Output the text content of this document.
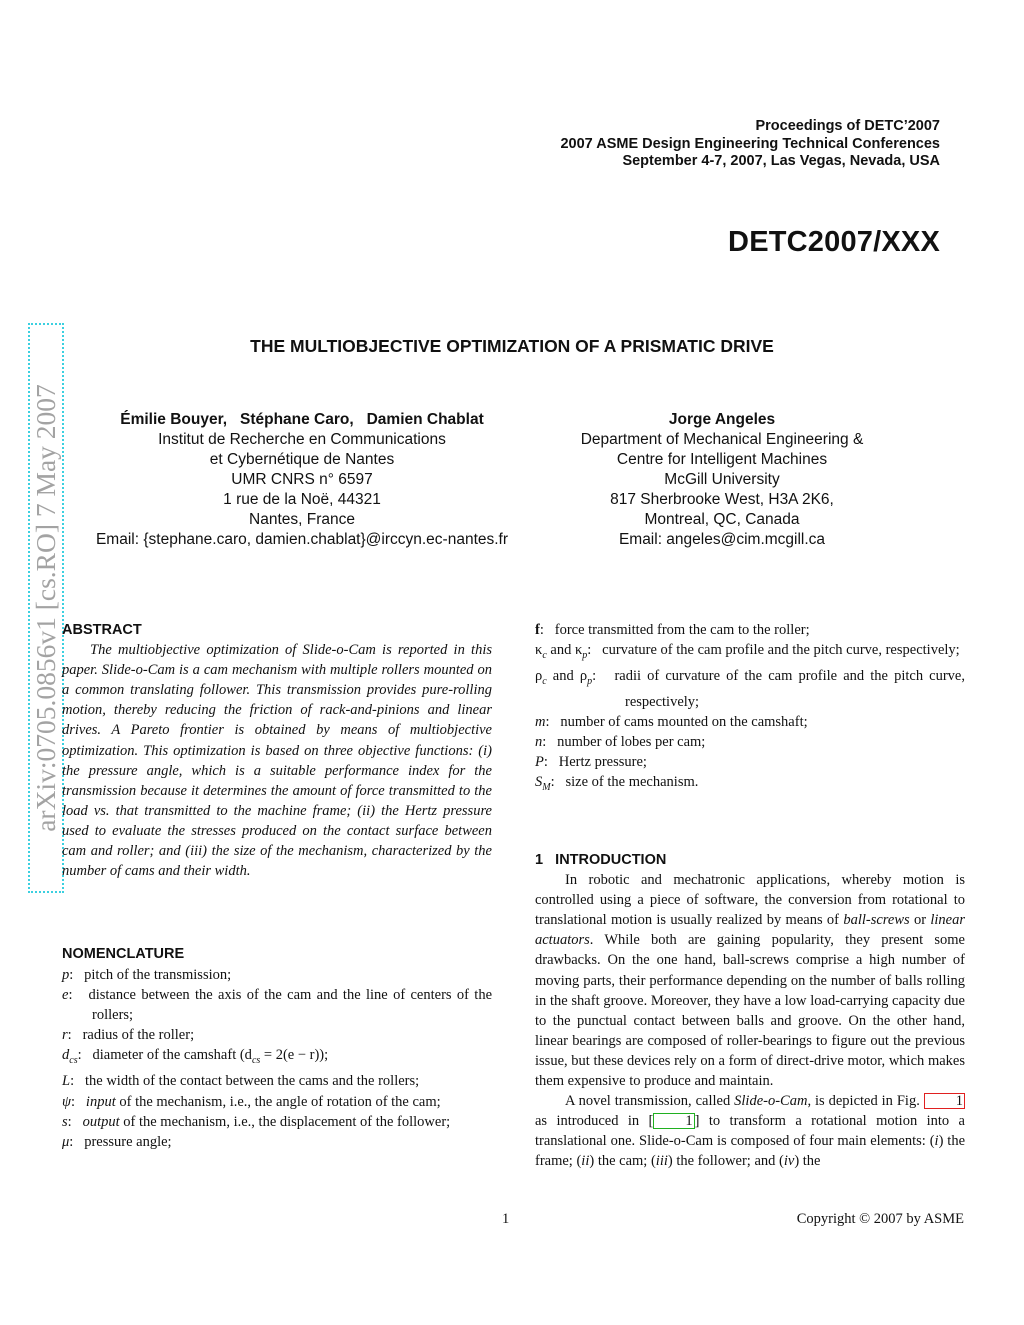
Proceedings of DETC’2007
2007 ASME Design Engineering Technical Conferences
September 4-7, 2007, Las Vegas, Nevada, USA
DETC2007/XXX
arXiv:0705.0856v1 [cs.RO] 7 May 2007
THE MULTIOBJECTIVE OPTIMIZATION OF A PRISMATIC DRIVE
Émilie Bouyer,   Stéphane Caro,   Damien Chablat
Institut de Recherche en Communications
et Cybernétique de Nantes
UMR CNRS n° 6597
1 rue de la Noë, 44321
Nantes, France
Email: {stephane.caro, damien.chablat}@irccyn.ec-nantes.fr
Jorge Angeles
Department of Mechanical Engineering &
Centre for Intelligent Machines
McGill University
817 Sherbrooke West, H3A 2K6,
Montreal, QC, Canada
Email: angeles@cim.mcgill.ca
ABSTRACT
The multiobjective optimization of Slide-o-Cam is reported in this paper. Slide-o-Cam is a cam mechanism with multiple rollers mounted on a common translating follower. This transmission provides pure-rolling motion, thereby reducing the friction of rack-and-pinions and linear drives. A Pareto frontier is obtained by means of multiobjective optimization. This optimization is based on three objective functions: (i) the pressure angle, which is a suitable performance index for the transmission because it determines the amount of force transmitted to the load vs. that transmitted to the machine frame; (ii) the Hertz pressure used to evaluate the stresses produced on the contact surface between cam and roller; and (iii) the size of the mechanism, characterized by the number of cams and their width.
NOMENCLATURE
p:   pitch of the transmission;
e:   distance between the axis of the cam and the line of centers of the rollers;
r:   radius of the roller;
$d_{cs}$:   diameter of the camshaft $(d_{cs} = 2(e - r))$;
L:   the width of the contact between the cams and the rollers;
ψ:   input of the mechanism, i.e., the angle of rotation of the cam;
s:   output of the mechanism, i.e., the displacement of the follower;
μ:   pressure angle;
f:   force transmitted from the cam to the roller;
$\kappa_c$ and $\kappa_p$:   curvature of the cam profile and the pitch curve, respectively;
$\rho_c$ and $\rho_p$:   radii of curvature of the cam profile and the pitch curve, respectively;
m:   number of cams mounted on the camshaft;
n:   number of lobes per cam;
P:   Hertz pressure;
$S_M$:   size of the mechanism.
1 INTRODUCTION
In robotic and mechatronic applications, whereby motion is controlled using a piece of software, the conversion from rotational to translational motion is usually realized by means of ball-screws or linear actuators. While both are gaining popularity, they present some drawbacks. On the one hand, ball-screws comprise a high number of moving parts, their performance depending on the number of balls rolling in the shaft groove. Moreover, they have a low load-carrying capacity due to the punctual contact between balls and groove. On the other hand, linear bearings are composed of roller-bearings to figure out the previous issue, but these devices rely on a form of direct-drive motor, which makes them expensive to produce and maintain.
A novel transmission, called Slide-o-Cam, is depicted in Fig. 1 as introduced in [ 1 ] to transform a rotational motion into a translational one. Slide-o-Cam is composed of four main elements: (i) the frame; (ii) the cam; (iii) the follower; and (iv) the
1	Copyright © 2007 by ASME
